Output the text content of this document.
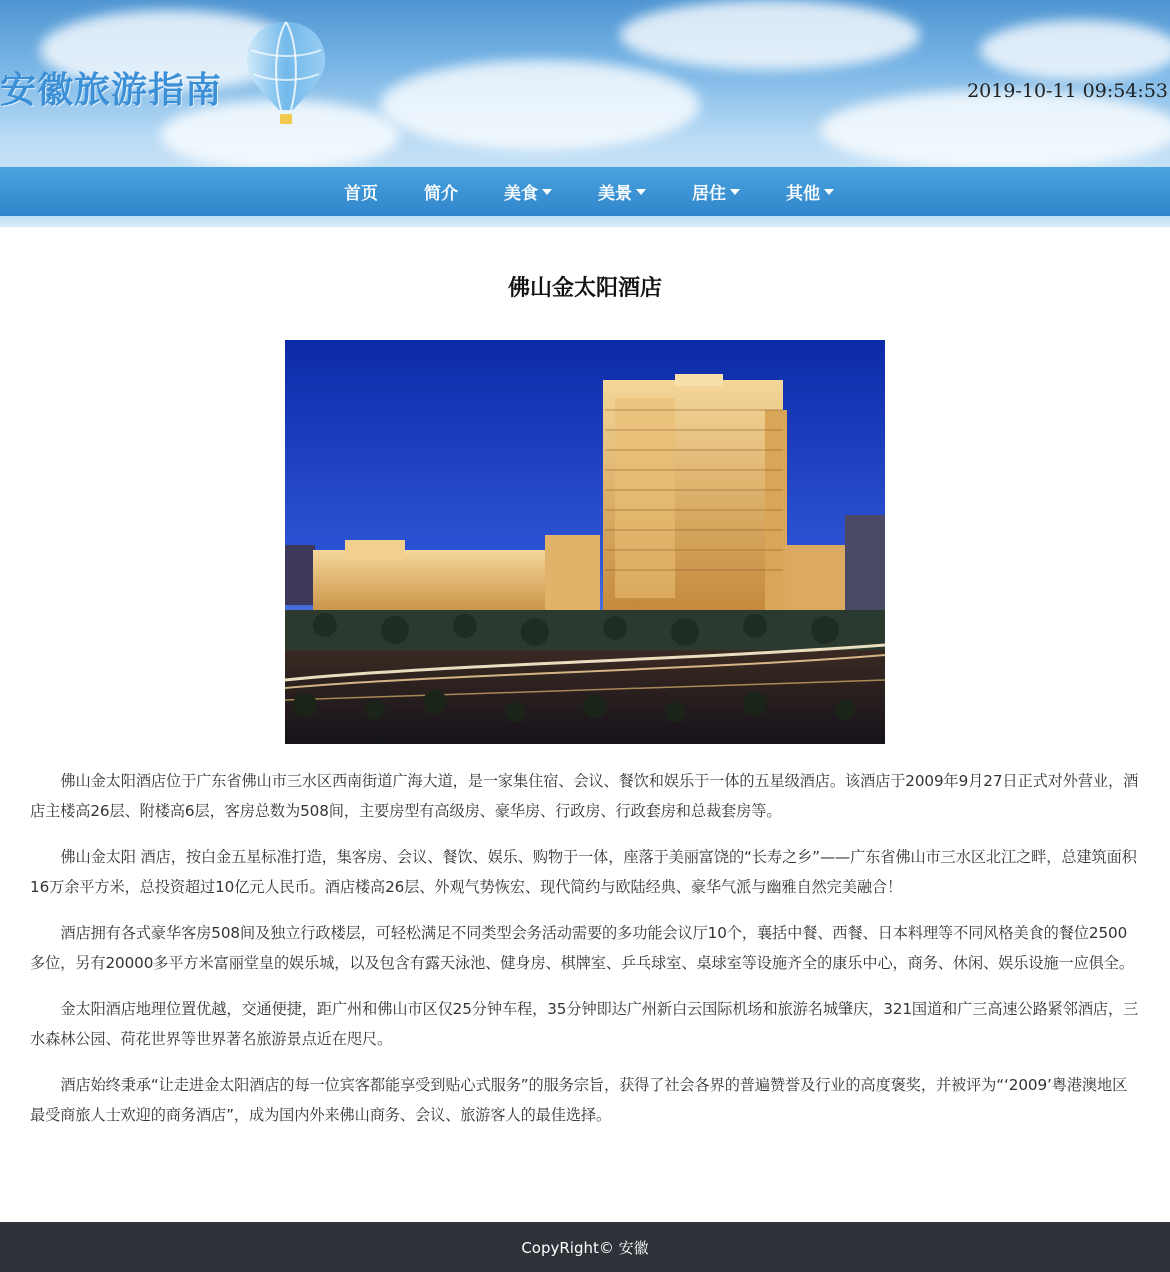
安徽旅游指南	2019-10-11 09:54:53
首页	简介	美食	美景	居住	其他
佛山金太阳酒店

佛山金太阳酒店位于广东省佛山市三水区西南街道广海大道，是一家集住宿、会议、餐饮和娱乐于一体的五星级酒店。该酒店于2009年9月27日正式对外营业，酒店主楼高26层、附楼高6层，客房总数为508间，主要房型有高级房、豪华房、行政房、行政套房和总裁套房等。

佛山金太阳 酒店，按白金五星标准打造，集客房、会议、餐饮、娱乐、购物于一体，座落于美丽富饶的“长寿之乡”——广东省佛山市三水区北江之畔，总建筑面积16万余平方米，总投资超过10亿元人民币。酒店楼高26层、外观气势恢宏、现代简约与欧陆经典、豪华气派与幽雅自然完美融合！

酒店拥有各式豪华客房508间及独立行政楼层，可轻松满足不同类型会务活动需要的多功能会议厅10个，襄括中餐、西餐、日本料理等不同风格美食的餐位2500多位，另有20000多平方米富丽堂皇的娱乐城，以及包含有露天泳池、健身房、棋牌室、乒乓球室、桌球室等设施齐全的康乐中心，商务、休闲、娱乐设施一应俱全。

金太阳酒店地理位置优越，交通便捷，距广州和佛山市区仅25分钟车程，35分钟即达广州新白云国际机场和旅游名城肇庆，321国道和广三高速公路紧邻酒店，三水森林公园、荷花世界等世界著名旅游景点近在咫尺。

酒店始终秉承“让走进金太阳酒店的每一位宾客都能享受到贴心式服务”的服务宗旨，获得了社会各界的普遍赞誉及行业的高度褒奖，并被评为“‘2009’粤港澳地区最受商旅人士欢迎的商务酒店”，成为国内外来佛山商务、会议、旅游客人的最佳选择。

CopyRight© 安徽
